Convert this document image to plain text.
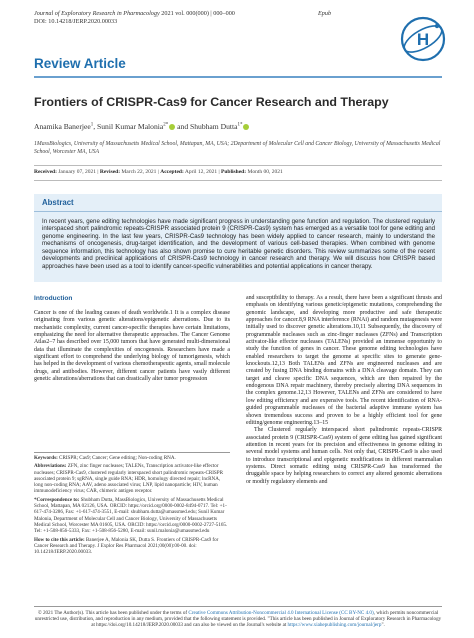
Journal of Exploratory Research in Pharmacology 2021 vol. 000(000) | 000–000
DOI: 10.14218/JERP.2020.00033
Epub
H
Review Article
Frontiers of CRISPR-Cas9 for Cancer Research and Therapy
Anamika Banerjee$^1$, Sunil Kumar Malonia$^{2*}$ and Shubham Dutta$^{1*}$
1MassBiologics, University of Massachusetts Medical School, Mattapan, MA, USA; 2Department of Molecular Cell and Cancer Biology, University of Massachusetts Medical School, Worcester MA, USA
Received: January 07, 2021 | Revised: March 22, 2021 | Accepted: April 12, 2021 | Published: Month 00, 2021
Abstract
In recent years, gene editing technologies have made significant progress in understanding gene function and regulation. The clustered regularly interspaced short palindromic repeats-CRISPR associated protein 9 (CRISPR-Cas9) system has emerged as a versatile tool for gene editing and genome engineering. In the last few years, CRISPR-Cas9 technology has been widely applied to cancer research, mainly to understand the mechanisms of oncogenesis, drug-target identification, and the development of various cell-based therapies. When combined with genome sequence information, this technology has also shown promise to cure heritable genetic disorders. This review summarizes some of the recent developments and preclinical applications of CRISPR-Cas9 technology in cancer research and therapy. We will discuss how CRISPR based approaches have been used as a tool to identify cancer-specific vulnerabilities and potential applications in cancer therapy.
Introduction

Cancer is one of the leading causes of death worldwide.1 It is a complex disease originating from various genetic alterations/epigenetic aberrations. Due to its mechanistic complexity, current cancer-specific therapies have certain limitations, emphasizing the need for alternative therapeutic approaches. The Cancer Genome Atlas2–7 has described over 15,000 tumors that have generated multi-dimensional data that illuminate the complexities of oncogenesis. Researchers have made a significant effort to comprehend the underlying biology of tumorigenesis, which has helped in the development of various chemotherapeutic agents, small molecule drugs, and antibodies. However, different cancer patients have vastly different genetic alterations/aberrations that can drastically alter tumor progression

Keywords: CRISPR; Cas9; Cancer; Gene editing; Non-coding RNA.

Abbreviations: ZFN, zinc finger nucleases; TALENs, Transcription activator-like effector nucleases; CRISPR-Cas9, clustered regularly interspaced short palindromic repeats-CRISPR associated protein 9; sgRNA, single guide RNA; HDR, homology directed repair; lncRNA, long non-coding RNA; AAV, adeno associated virus; LNP, lipid nanoparticle; HIV, human immunodeficiency virus; CAR, chimeric antigen receptor.

*Correspondence to: Shubham Dutta, MassBiologics, University of Massachusetts Medical School, Mattapan, MA 02126, USA. ORCID: https://orcid.org/0000-0002-8494-0717. Tel: +1-617-474-3286, Fax: +1-617-474-3551, E-mail: shubham.dutta@umassmed.edu; Sunil Kumar Malonia, Department of Molecular Cell and Cancer Biology, University of Massachusetts Medical School, Worcester MA 01605, USA. ORCID: https://orcid.org/0000-0002-2727-5165. Tel: +1-508-856-5333, Fax: +1-508-856-5280, E-mail: sunil.malonia@umassmed.edu

How to cite this article: Banerjee A, Malonia SK, Dutta S. Frontiers of CRISPR-Cas9 for Cancer Research and Therapy. J Explor Res Pharmacol 2021;00(00):00-00. doi: 10.14218/JERP.2020.00033.

and susceptibility to therapy. As a result, there have been a significant thrusts and emphasis on identifying various genetic/epigenetic mutations, comprehending the genomic landscape, and developing more productive and safe therapeutic approaches for cancer.8,9 RNA interference (RNAi) and random mutagenesis were initially used to discover genetic alterations.10,11 Subsequently, the discovery of programmable nucleases such as zinc-finger nucleases (ZFNs) and Transcription activator-like effector nucleases (TALENs) provided an immense opportunity to study the function of genes in cancer. These genome editing technologies have enabled researchers to target the genome at specific sites to generate gene-knockouts.12,13 Both TALENs and ZFNs are engineered nucleases and are created by fusing DNA binding domains with a DNA cleavage domain. They can target and cleave specific DNA sequences, which are then repaired by the endogenous DNA repair machinery, thereby precisely altering DNA sequences in the complex genome.12,13 However, TALENs and ZFNs are considered to have low editing efficiency and are expensive tools. The recent identification of RNA-guided programmable nucleases of the bacterial adaptive immune system has shown tremendous success and proven to be a highly efficient tool for gene editing/genome engineering.13–15

The Clustered regularly interspaced short palindromic repeats-CRISPR associated protein 9 (CRISPR-Cas9) system of gene editing has gained significant attention in recent years for its precision and effectiveness in genome editing in several model systems and human cells. Not only that, CRISPR-Cas9 is also used to introduce transcriptional and epigenetic modifications in different mammalian systems. Direct somatic editing using CRISPR-Cas9 has transformed the druggable space by helping researchers to correct any altered genomic aberrations or modify regulatory elements and

© 2021 The Author(s). This article has been published under the terms of Creative Commons Attribution-Noncommercial 4.0 International License (CC BY-NC 4.0), which permits noncommercial unrestricted use, distribution, and reproduction in any medium, provided that the following statement is provided. "This article has been published in Journal of Exploratory Research in Pharmacology at https://doi.org/10.14218/JERP.2020.00033 and can also be viewed on the Journal's website at https://www.xiahepublishing.com/journal/jerp".
